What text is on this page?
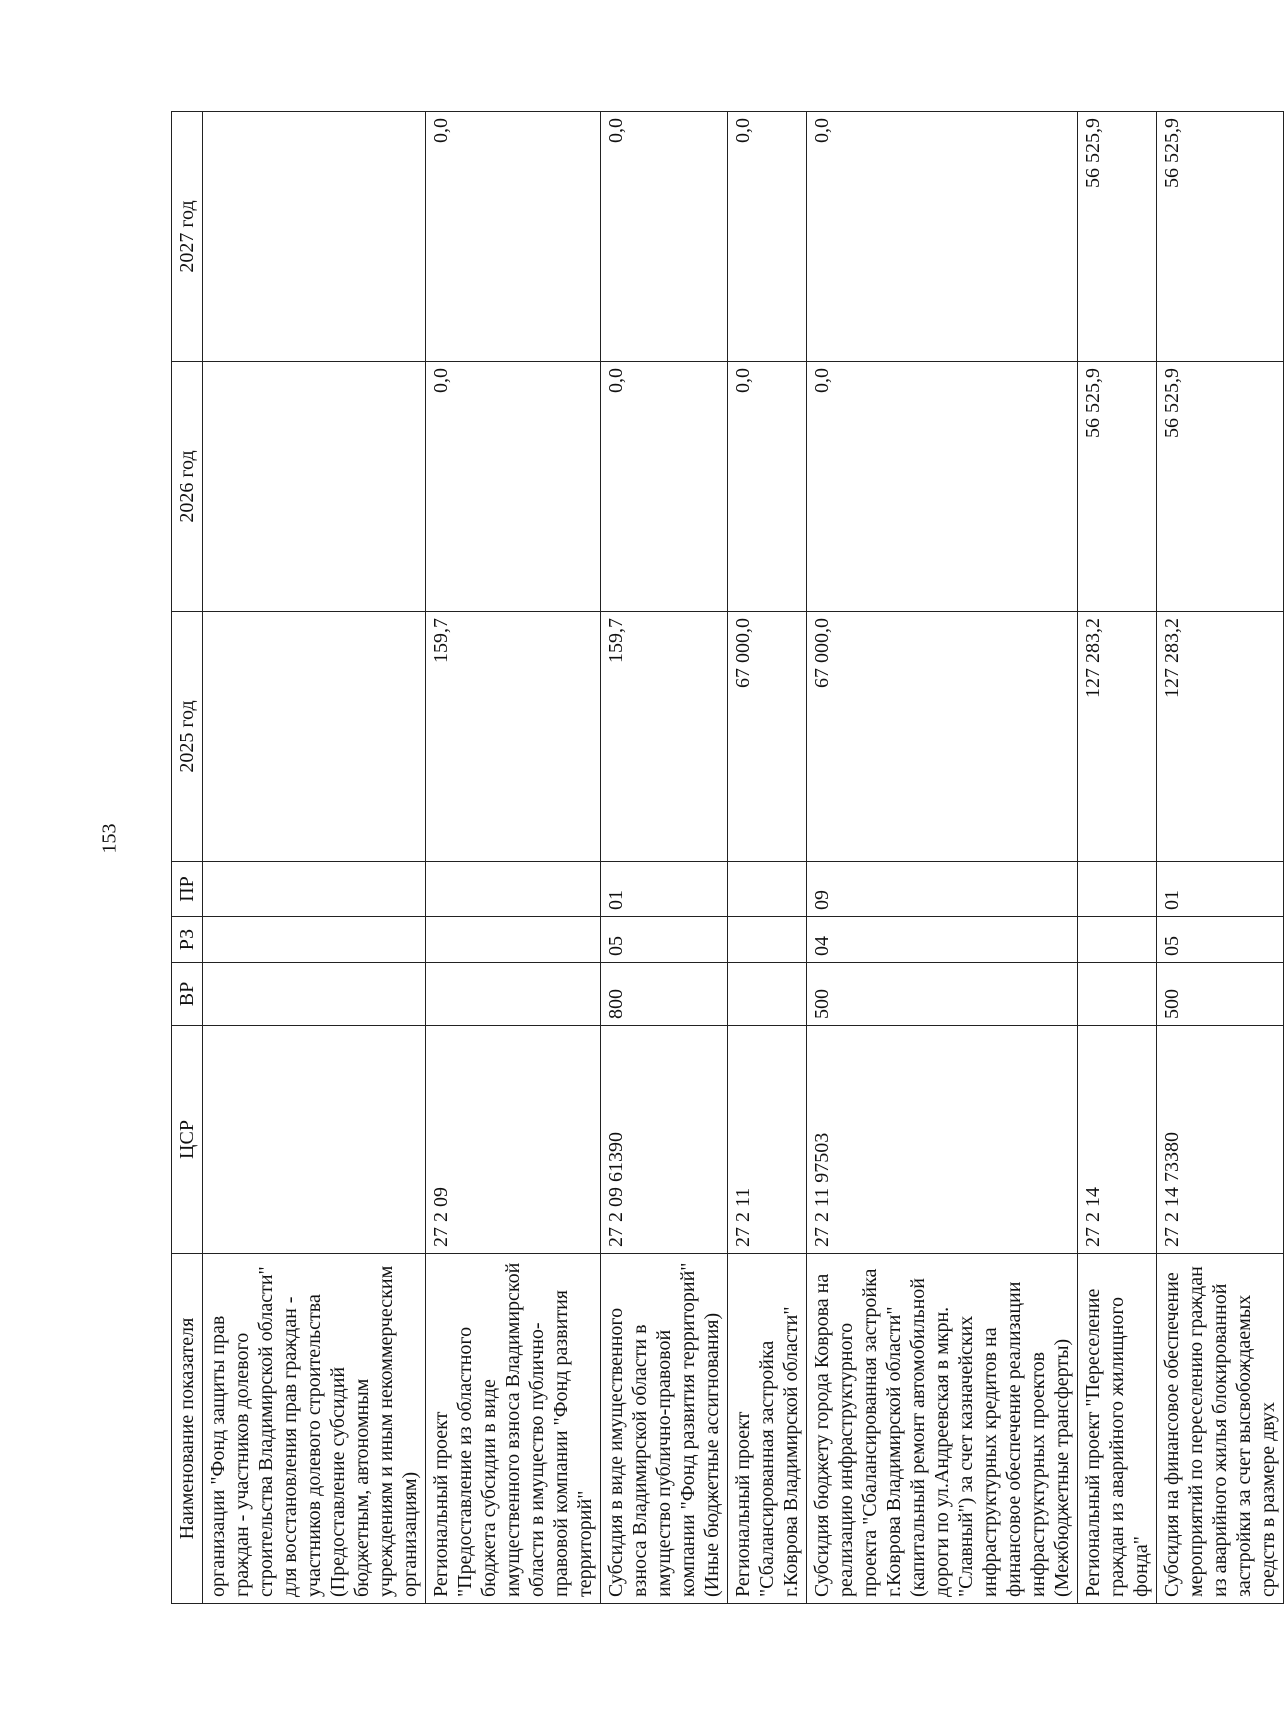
153
Наименование показателя	ЦСР	ВР	РЗ	ПР	2025 год	2026 год	2027 год
организации "Фонд защиты прав граждан - участников долевого строительства Владимирской области" для восстановления прав граждан - участников долевого строительства (Предоставление субсидий бюджетным, автономным учреждениям и иным некоммерческим организациям)							
Региональный проект "Предоставление из областного бюджета субсидии в виде имущественного взноса Владимирской области в имущество публично-правовой компании "Фонд развития территорий"	27 2 09				159,7	0,0	0,0
Субсидия в виде имущественного взноса Владимирской области в имущество публично-правовой компании "Фонд развития территорий" (Иные бюджетные ассигнования)	27 2 09 61390	800	05	01	159,7	0,0	0,0
Региональный проект "Сбалансированная застройка г.Коврова Владимирской области"	27 2 11				67 000,0	0,0	0,0
Субсидия бюджету города Коврова на реализацию инфраструктурного проекта "Сбалансированная застройка г.Коврова Владимирской области" (капитальный ремонт автомобильной дороги по ул.Андреевская в мкрн. "Славный") за счет казначейских инфраструктурных кредитов на финансовое обеспечение реализации инфраструктурных проектов (Межбюджетные трансферты)	27 2 11 97503	500	04	09	67 000,0	0,0	0,0
Региональный проект "Переселение граждан из аварийного жилищного фонда"	27 2 14				127 283,2	56 525,9	56 525,9
Субсидия на финансовое обеспечение мероприятий по переселению граждан из аварийного жилья блокированной застройки за счет высвобождаемых средств в размере двух	27 2 14 73380	500	05	01	127 283,2	56 525,9	56 525,9
